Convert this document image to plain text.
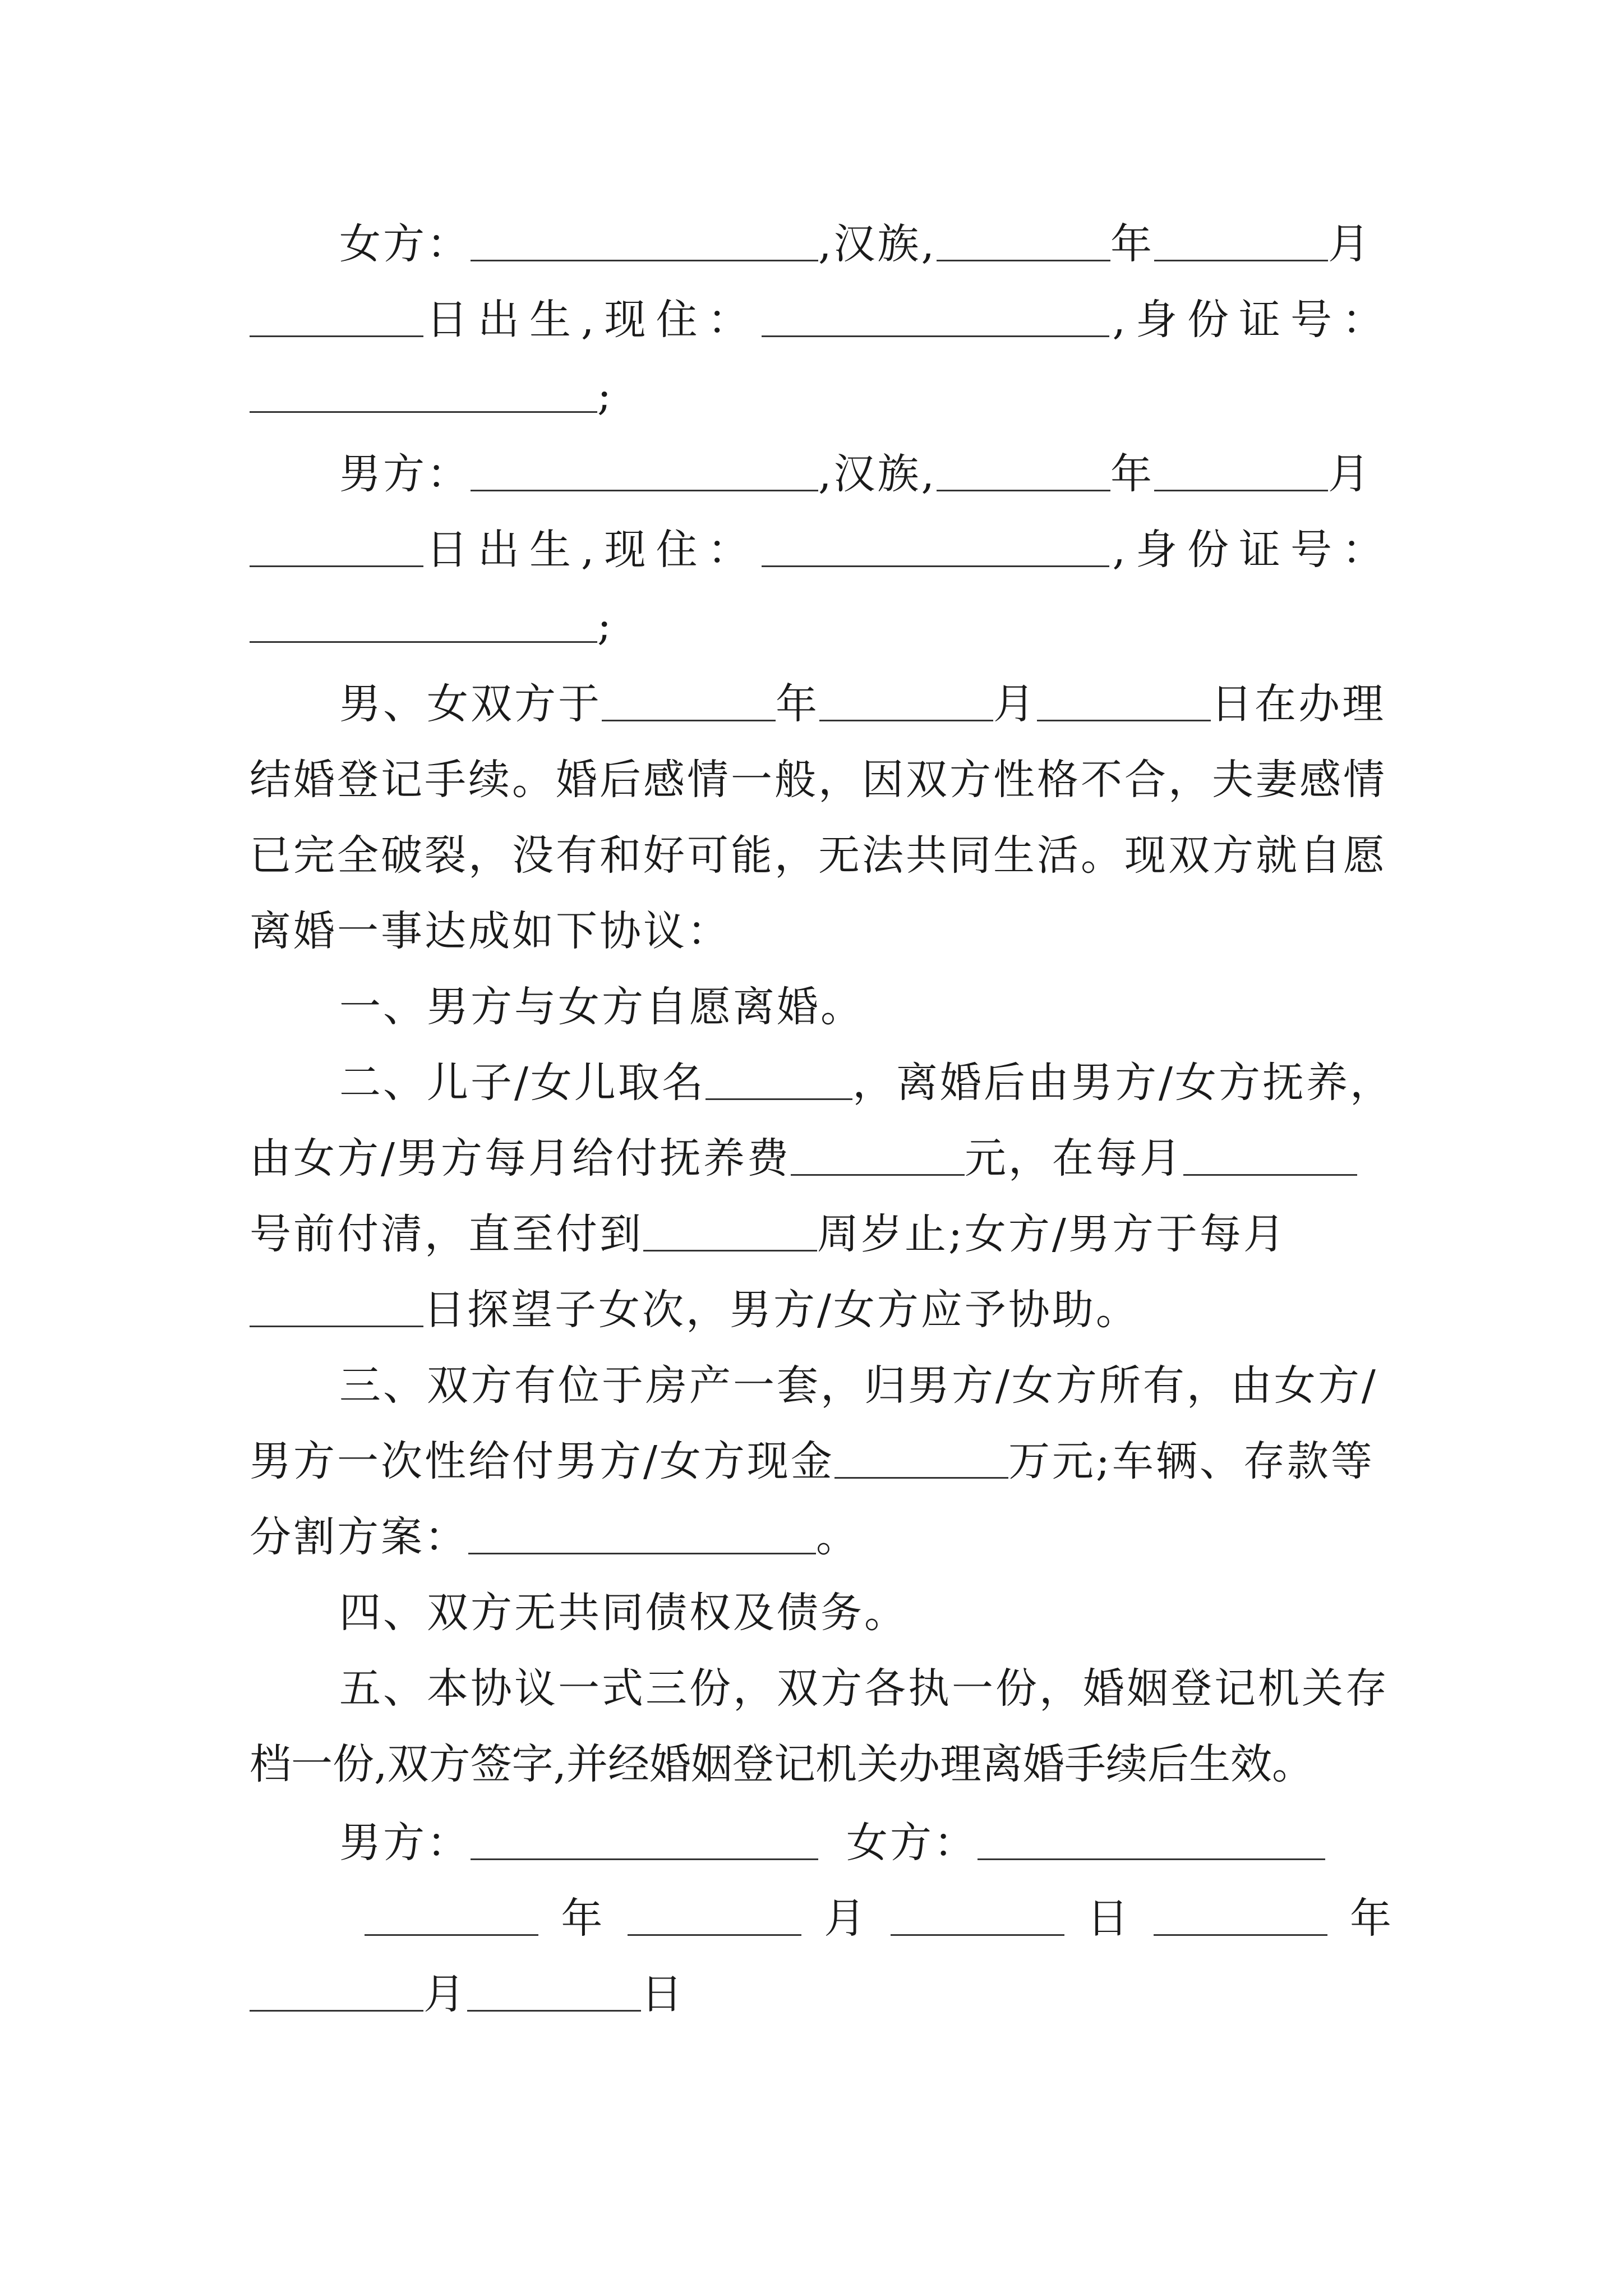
女方：	,汉族,	年	月
日出生,现住：	,身份证号：
;
男方：	,汉族,	年	月
日出生,现住：	,身份证号：
;
男、女双方于	年	月	日在办理
结婚登记手续。婚后感情一般，因双方性格不合，夫妻感情
已完全破裂，没有和好可能，无法共同生活。现双方就自愿
离婚一事达成如下协议：
一、男方与女方自愿离婚。
二、儿子/女儿取名	，离婚后由男方/女方抚养，
由女方/男方每月给付抚养费	元，在每月
号前付清，直至付到	周岁止;女方/男方于每月
日探望子女次，男方/女方应予协助。
三、双方有位于房产一套，归男方/女方所有，由女方/
男方一次性给付男方/女方现金	万元;车辆、存款等
分割方案：	。
四、双方无共同债权及债务。
五、本协议一式三份，双方各执一份，婚姻登记机关存
档一份,双方签字,并经婚姻登记机关办理离婚手续后生效。
男方：	女方：
年	月	日	年
月	日
